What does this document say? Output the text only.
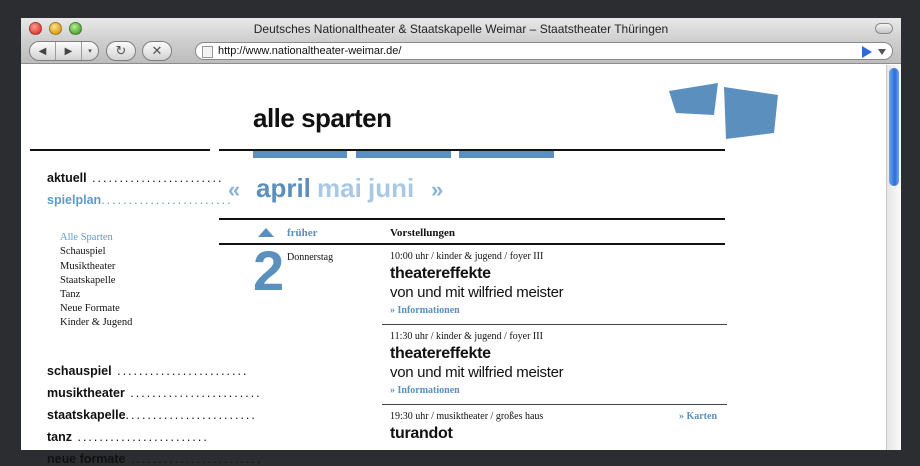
Deutsches Nationaltheater & Staatskapelle Weimar – Staatstheater Thüringen
◀	▶	▾	↻ ✕	http://www.nationaltheater-weimar.de/
alle sparten
aktuell ........................
spielplan........................
Alle Sparten
Schauspiel
Musiktheater
Staatskapelle
Tanz
Neue Formate
Kinder & Jugend
schauspiel ........................
musiktheater ........................
staatskapelle........................
tanz ........................
neue formate ........................
« april mai juni »
früher	Vorstellungen
2 Donnerstag	10:00 uhr / kinder & jugend / foyer III
theatereffekte
von und mit wilfried meister
» Informationen
11:30 uhr / kinder & jugend / foyer III
theatereffekte
von und mit wilfried meister
» Informationen
19:30 uhr / musiktheater / großes haus	» Karten
turandot
